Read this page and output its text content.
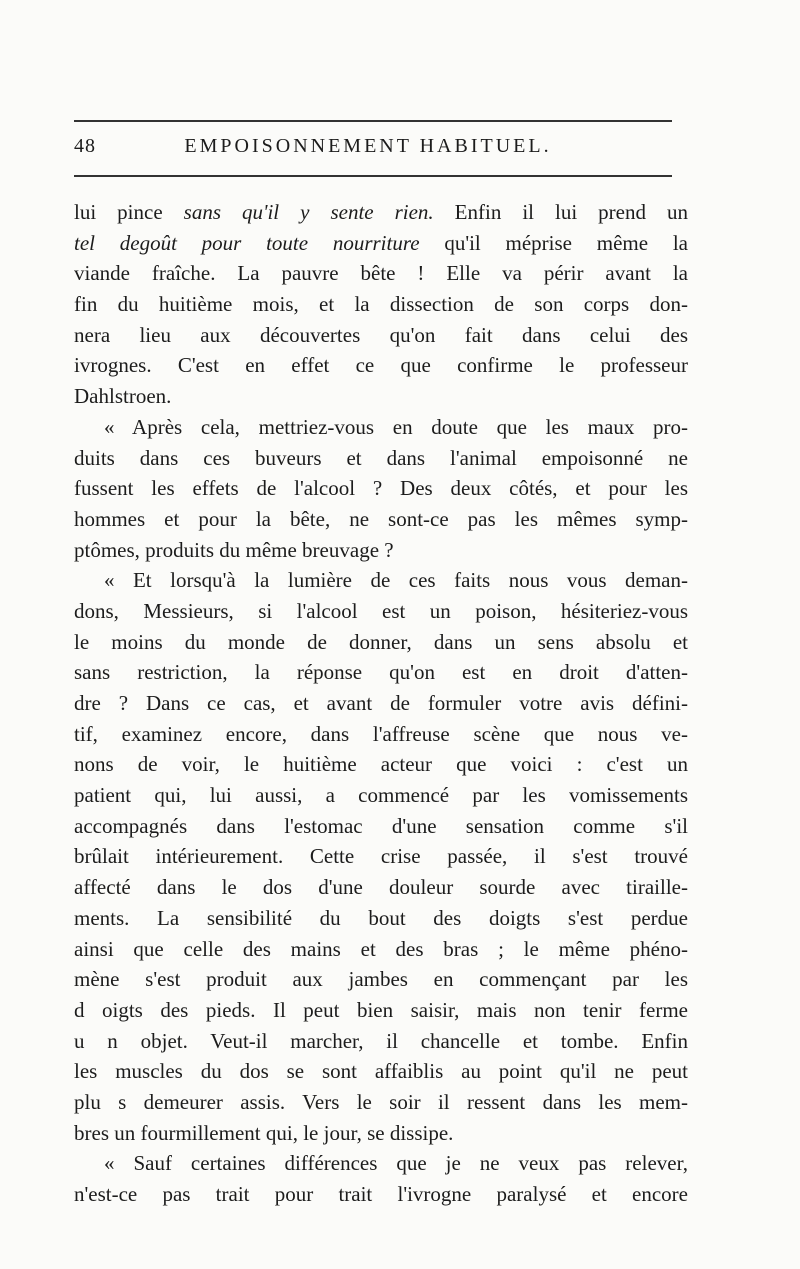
48	EMPOISONNEMENT HABITUEL.
lui pince sans qu'il y sente rien. Enfin il lui prend un
tel degoût pour toute nourriture qu'il méprise même la
viande fraîche. La pauvre bête ! Elle va périr avant la
fin du huitième mois, et la dissection de son corps don-
nera lieu aux découvertes qu'on fait dans celui des
ivrognes. C'est en effet ce que confirme le professeur
Dahlstroen.
« Après cela, mettriez-vous en doute que les maux pro-
duits dans ces buveurs et dans l'animal empoisonné ne
fussent les effets de l'alcool ? Des deux côtés, et pour les
hommes et pour la bête, ne sont-ce pas les mêmes symp-
ptômes, produits du même breuvage ?
« Et lorsqu'à la lumière de ces faits nous vous deman-
dons, Messieurs, si l'alcool est un poison, hésiteriez-vous
le moins du monde de donner, dans un sens absolu et
sans restriction, la réponse qu'on est en droit d'atten-
dre ? Dans ce cas, et avant de formuler votre avis défini-
tif, examinez encore, dans l'affreuse scène que nous ve-
nons de voir, le huitième acteur que voici : c'est un
patient qui, lui aussi, a commencé par les vomissements
accompagnés dans l'estomac d'une sensation comme s'il
brûlait intérieurement. Cette crise passée, il s'est trouvé
affecté dans le dos d'une douleur sourde avec tiraille-
ments. La sensibilité du bout des doigts s'est perdue
ainsi que celle des mains et des bras ; le même phéno-
mène s'est produit aux jambes en commençant par les
d oigts des pieds. Il peut bien saisir, mais non tenir ferme
u n objet. Veut-il marcher, il chancelle et tombe. Enfin
les muscles du dos se sont affaiblis au point qu'il ne peut
plu s demeurer assis. Vers le soir il ressent dans les mem-
bres un fourmillement qui, le jour, se dissipe.
« Sauf certaines différences que je ne veux pas relever,
n'est-ce pas trait pour trait l'ivrogne paralysé et encore
